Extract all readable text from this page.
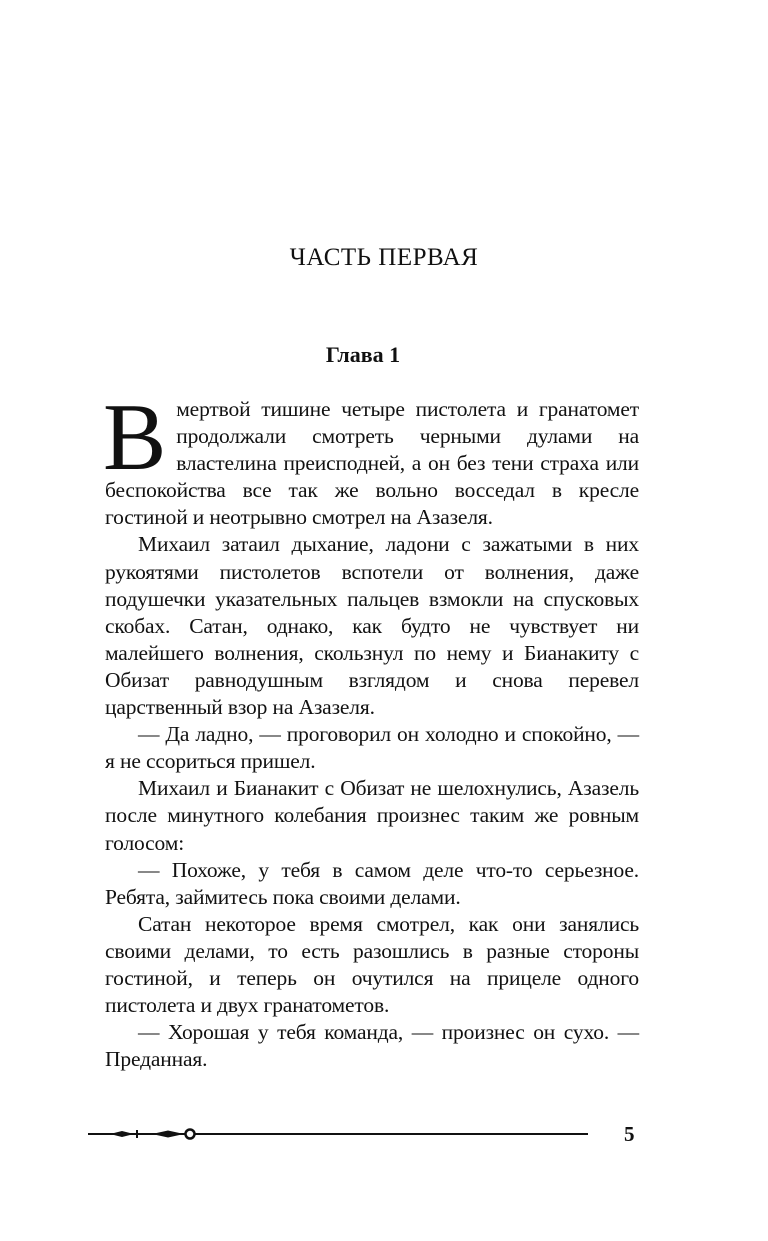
ЧАСТЬ ПЕРВАЯ
Глава 1

В мертвой тишине четыре пистолета и гранатомет продолжали смотреть черными дулами на властелина преисподней, а он без тени страха или беспокойства все так же вольно восседал в кресле гостиной и неотрывно смотрел на Азазеля.

Михаил затаил дыхание, ладони с зажатыми в них рукоятями пистолетов вспотели от волнения, даже подушечки указательных пальцев взмокли на спусковых скобах. Сатан, однако, как будто не чувствует ни малейшего волнения, скользнул по нему и Бианакиту с Обизат равнодушным взглядом и снова перевел царственный взор на Азазеля.

— Да ладно, — проговорил он холодно и спокойно, — я не ссориться пришел.

Михаил и Бианакит с Обизат не шелохнулись, Азазель после минутного колебания произнес таким же ровным голосом:

— Похоже, у тебя в самом деле что-то серьезное. Ребята, займитесь пока своими делами.

Сатан некоторое время смотрел, как они занялись своими делами, то есть разошлись в разные стороны гостиной, и теперь он очутился на прицеле одного пистолета и двух гранатометов.

— Хорошая у тебя команда, — произнес он сухо. — Преданная.

5
